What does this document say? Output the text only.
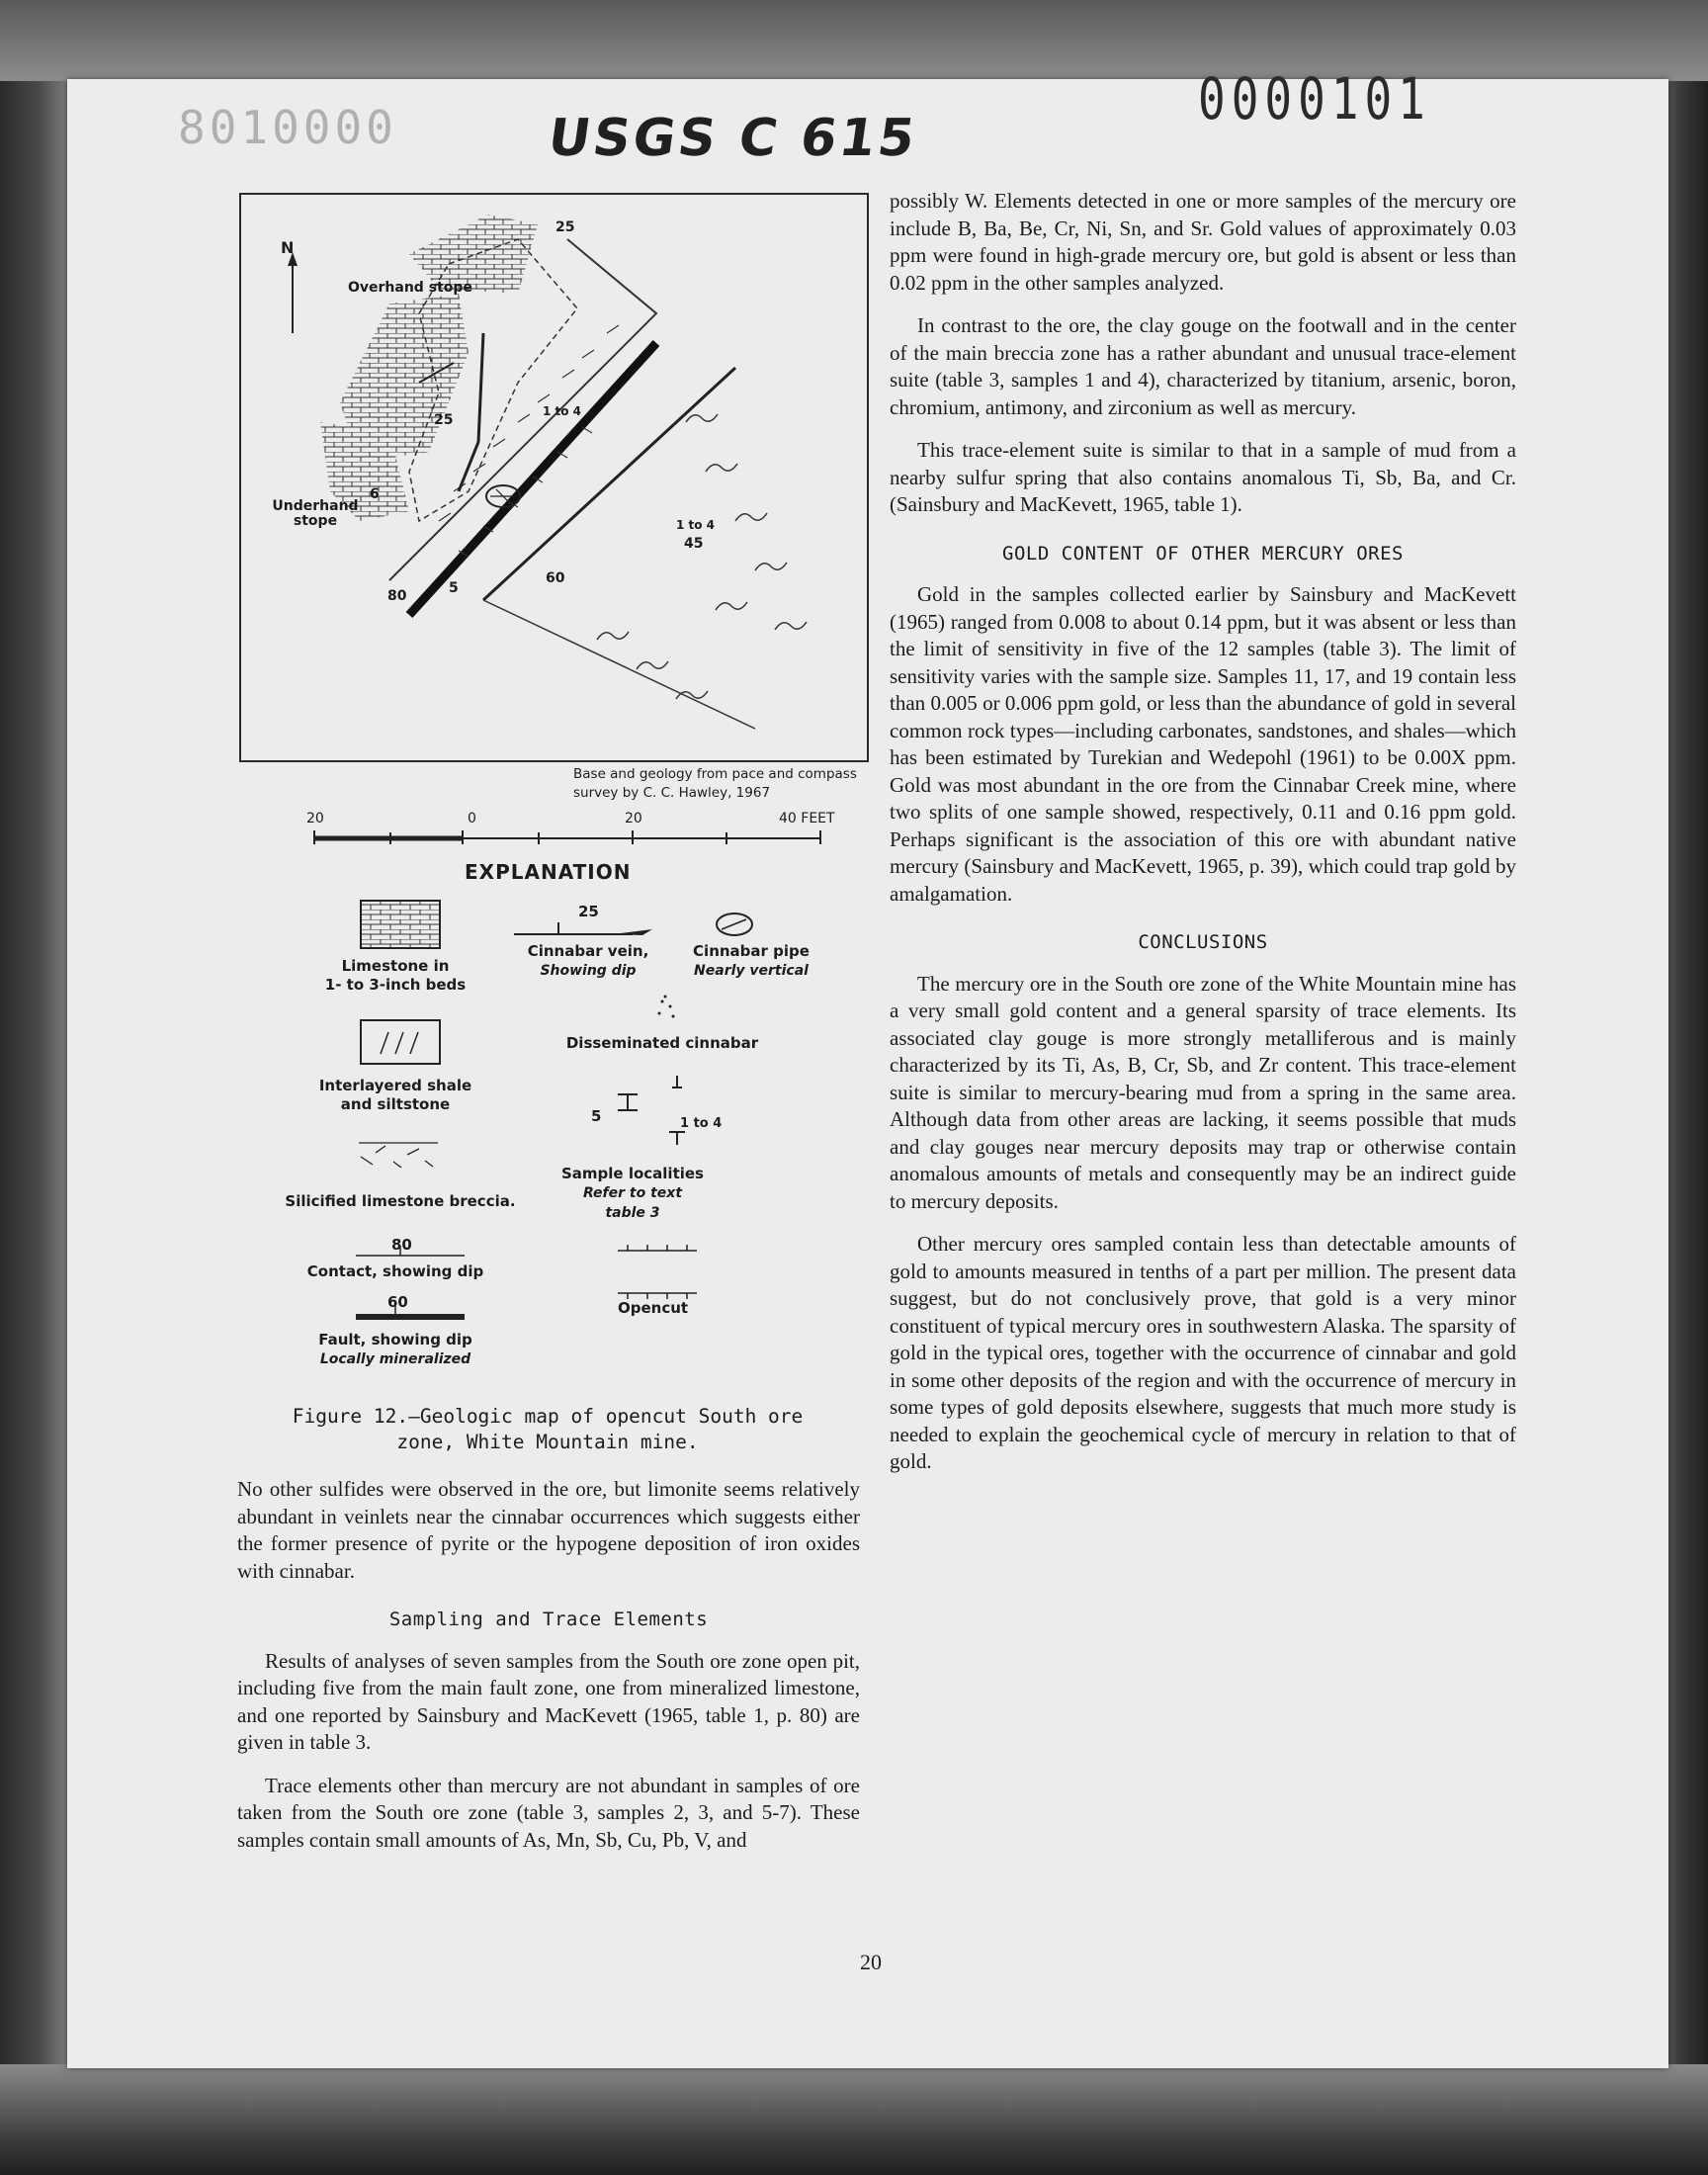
8010000	0000101
USGS C 615
N
Overhand stope
Underhand stope
25
25
6
80
60
45
1 to 4
1 to 4
5
Base and geology from pace and compass
survey by C. C. Hawley, 1967
20	0	20	40 FEET
EXPLANATION
Limestone in
1- to 3-inch beds
25
Cinnabar vein,
Showing dip
Cinnabar pipe
Nearly vertical
Disseminated cinnabar
Interlayered shale
and siltstone
5	1 to 4
Sample localities
Refer to text
table 3
Silicified limestone breccia.
80
Contact, showing dip
60
Fault, showing dip
Locally mineralized
Opencut
Figure 12.—Geologic map of opencut South ore
zone, White Mountain mine.

No other sulfides were observed in the ore, but limonite seems relatively abundant in veinlets near the cinnabar occurrences which suggests either the former presence of pyrite or the hypogene deposition of iron oxides with cinnabar.

Sampling and Trace Elements

Results of analyses of seven samples from the South ore zone open pit, including five from the main fault zone, one from mineralized limestone, and one reported by Sainsbury and MacKevett (1965, table 1, p. 80) are given in table 3.

Trace elements other than mercury are not abundant in samples of ore taken from the South ore zone (table 3, samples 2, 3, and 5-7). These samples contain small amounts of As, Mn, Sb, Cu, Pb, V, and

possibly W. Elements detected in one or more samples of the mercury ore include B, Ba, Be, Cr, Ni, Sn, and Sr. Gold values of approximately 0.03 ppm were found in high-grade mercury ore, but gold is absent or less than 0.02 ppm in the other samples analyzed.

In contrast to the ore, the clay gouge on the footwall and in the center of the main breccia zone has a rather abundant and unusual trace-element suite (table 3, samples 1 and 4), characterized by titanium, arsenic, boron, chromium, antimony, and zirconium as well as mercury.

This trace-element suite is similar to that in a sample of mud from a nearby sulfur spring that also contains anomalous Ti, Sb, Ba, and Cr. (Sainsbury and MacKevett, 1965, table 1).

GOLD CONTENT OF OTHER MERCURY ORES

Gold in the samples collected earlier by Sainsbury and MacKevett (1965) ranged from 0.008 to about 0.14 ppm, but it was absent or less than the limit of sensitivity in five of the 12 samples (table 3). The limit of sensitivity varies with the sample size. Samples 11, 17, and 19 contain less than 0.005 or 0.006 ppm gold, or less than the abundance of gold in several common rock types—including carbonates, sandstones, and shales—which has been estimated by Turekian and Wedepohl (1961) to be 0.00X ppm. Gold was most abundant in the ore from the Cinnabar Creek mine, where two splits of one sample showed, respectively, 0.11 and 0.16 ppm gold. Perhaps significant is the association of this ore with abundant native mercury (Sainsbury and MacKevett, 1965, p. 39), which could trap gold by amalgamation.

CONCLUSIONS

The mercury ore in the South ore zone of the White Mountain mine has a very small gold content and a general sparsity of trace elements. Its associated clay gouge is more strongly metalliferous and is mainly characterized by its Ti, As, B, Cr, Sb, and Zr content. This trace-element suite is similar to mercury-bearing mud from a spring in the same area. Although data from other areas are lacking, it seems possible that muds and clay gouges near mercury deposits may trap or otherwise contain anomalous amounts of metals and consequently may be an indirect guide to mercury deposits.

Other mercury ores sampled contain less than detectable amounts of gold to amounts measured in tenths of a part per million. The present data suggest, but do not conclusively prove, that gold is a very minor constituent of typical mercury ores in southwestern Alaska. The sparsity of gold in the typical ores, together with the occurrence of cinnabar and gold in some other deposits of the region and with the occurrence of mercury in some types of gold deposits elsewhere, suggests that much more study is needed to explain the geochemical cycle of mercury in relation to that of gold.

20
